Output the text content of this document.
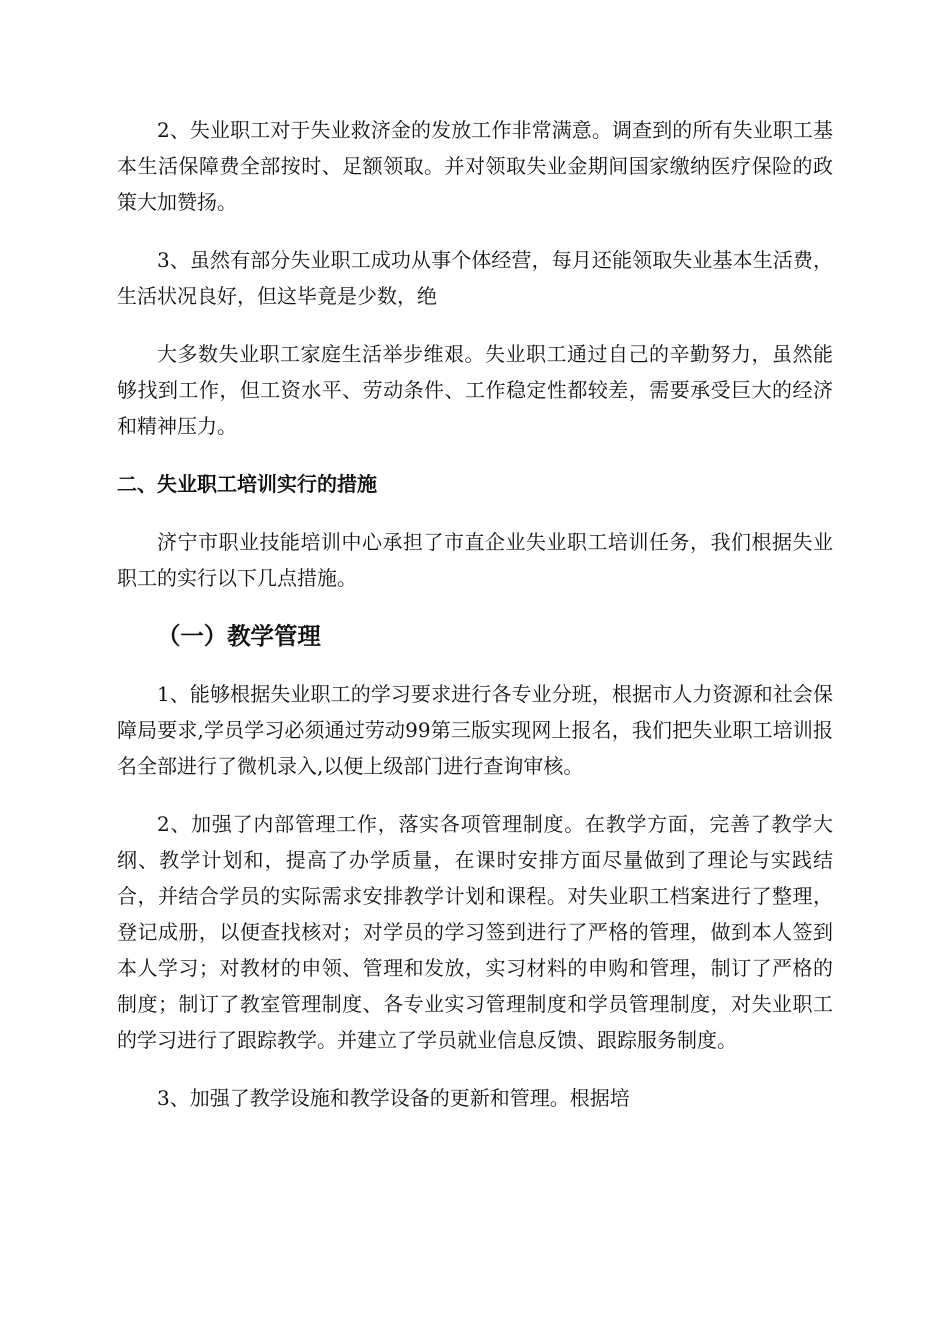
2、失业职工对于失业救济金的发放工作非常满意。调查到的所有失业职工基本生活保障费全部按时、足额领取。并对领取失业金期间国家缴纳医疗保险的政策大加赞扬。

3、虽然有部分失业职工成功从事个体经营，每月还能领取失业基本生活费，生活状况良好，但这毕竟是少数，绝

大多数失业职工家庭生活举步维艰。失业职工通过自己的辛勤努力，虽然能够找到工作，但工资水平、劳动条件、工作稳定性都较差，需要承受巨大的经济和精神压力。

二、失业职工培训实行的措施

济宁市职业技能培训中心承担了市直企业失业职工培训任务，我们根据失业职工的实行以下几点措施。

（一）教学管理

1、能够根据失业职工的学习要求进行各专业分班，根据市人力资源和社会保障局要求,学员学习必须通过劳动99第三版实现网上报名，我们把失业职工培训报名全部进行了微机录入,以便上级部门进行查询审核。

2、加强了内部管理工作，落实各项管理制度。在教学方面，完善了教学大纲、教学计划和，提高了办学质量，在课时安排方面尽量做到了理论与实践结合，并结合学员的实际需求安排教学计划和课程。对失业职工档案进行了整理，登记成册，以便查找核对；对学员的学习签到进行了严格的管理，做到本人签到本人学习；对教材的申领、管理和发放，实习材料的申购和管理，制订了严格的制度；制订了教室管理制度、各专业实习管理制度和学员管理制度，对失业职工的学习进行了跟踪教学。并建立了学员就业信息反馈、跟踪服务制度。

3、加强了教学设施和教学设备的更新和管理。根据培
